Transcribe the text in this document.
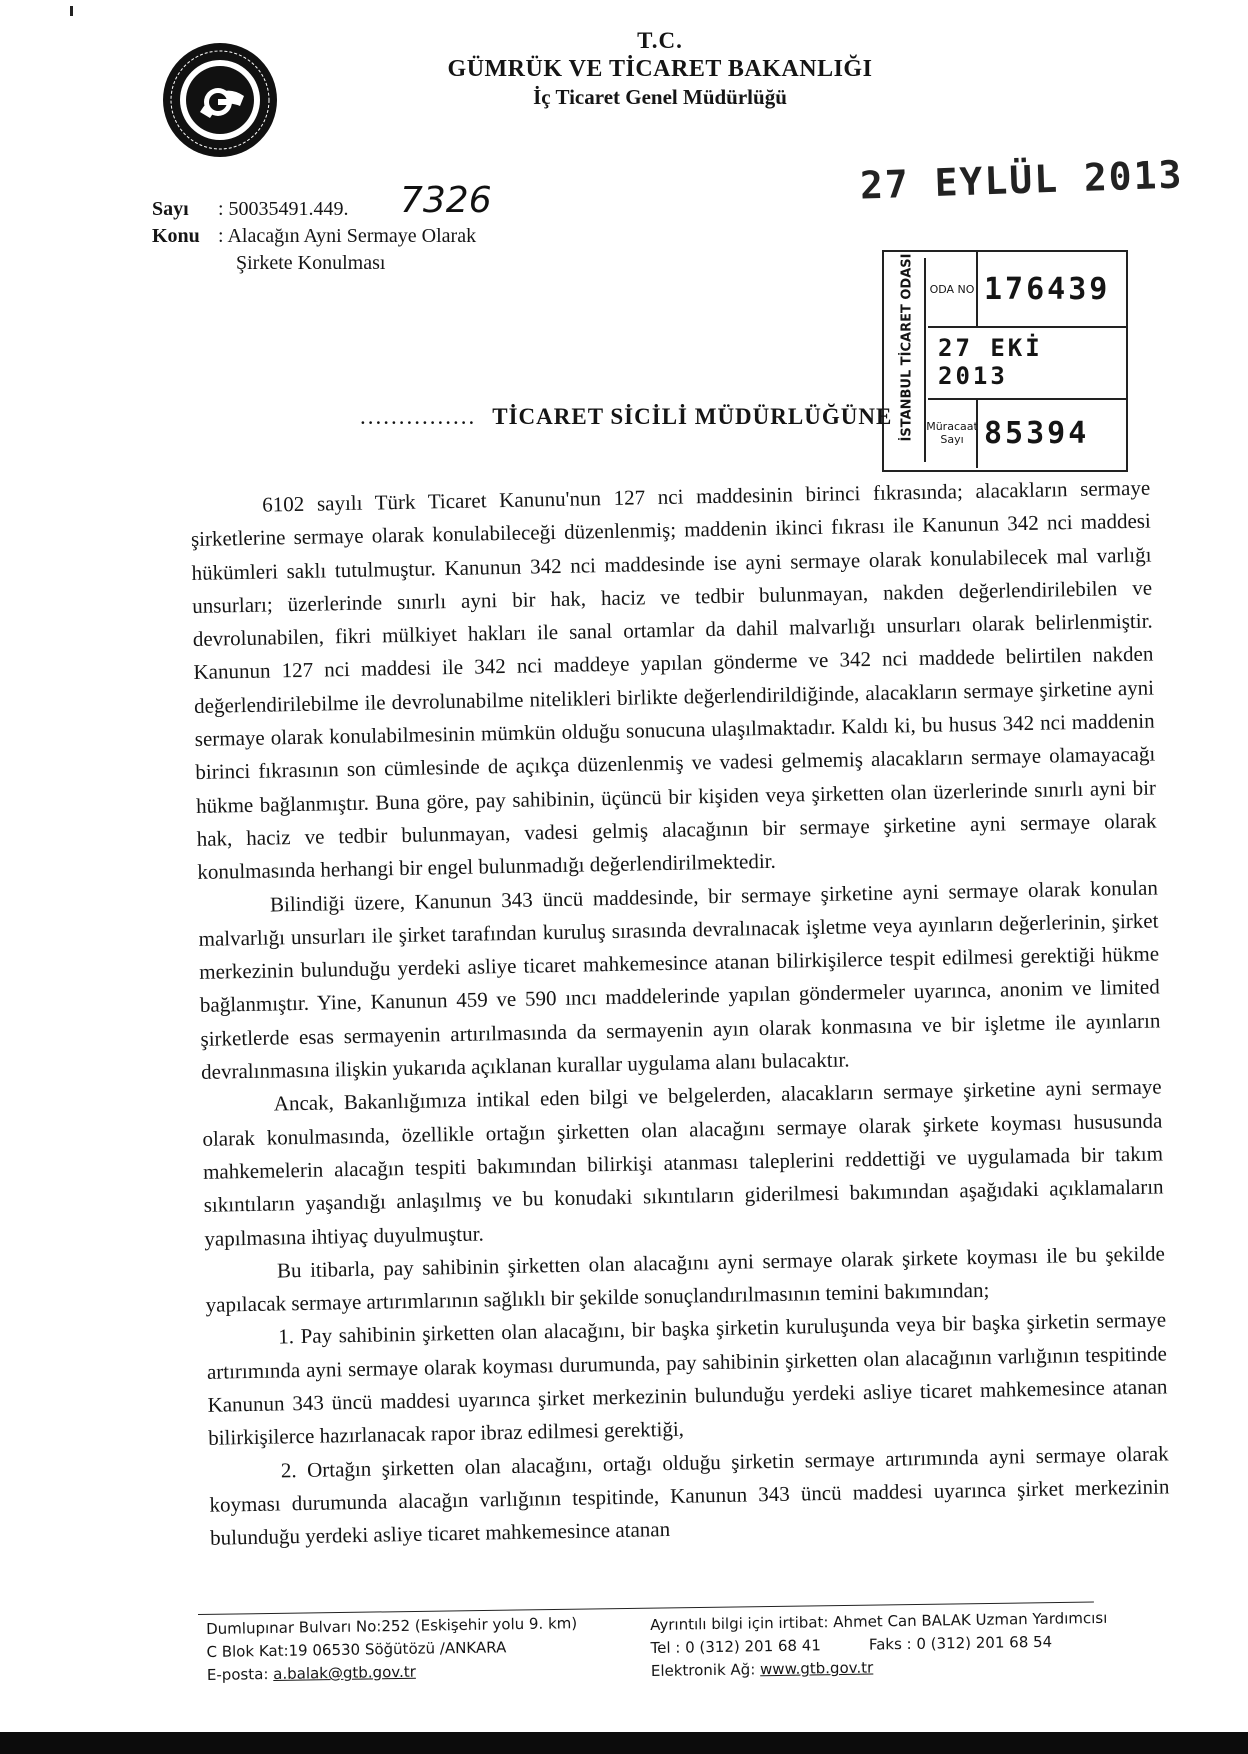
T.C.
GÜMRÜK VE TİCARET BAKANLIĞI
İç Ticaret Genel Müdürlüğü
27 EYLÜL 2013
Sayı : 50035491.449.
Konu : Alacağın Ayni Sermaye Olarak
Şirkete Konulması
7326
İSTANBUL TİCARET ODASI ODA NO 176439
27 EKİ 2013
Müracaat Sayı 85394
............... TİCARET SİCİLİ MÜDÜRLÜĞÜNE

6102 sayılı Türk Ticaret Kanunu'nun 127 nci maddesinin birinci fıkrasında; alacakların sermaye şirketlerine sermaye olarak konulabileceği düzenlenmiş; maddenin ikinci fıkrası ile Kanunun 342 nci maddesi hükümleri saklı tutulmuştur. Kanunun 342 nci maddesinde ise ayni sermaye olarak konulabilecek mal varlığı unsurları; üzerlerinde sınırlı ayni bir hak, haciz ve tedbir bulunmayan, nakden değerlendirilebilen ve devrolunabilen, fikri mülkiyet hakları ile sanal ortamlar da dahil malvarlığı unsurları olarak belirlenmiştir. Kanunun 127 nci maddesi ile 342 nci maddeye yapılan gönderme ve 342 nci maddede belirtilen nakden değerlendirilebilme ile devrolunabilme nitelikleri birlikte değerlendirildiğinde, alacakların sermaye şirketine ayni sermaye olarak konulabilmesinin mümkün olduğu sonucuna ulaşılmaktadır. Kaldı ki, bu husus 342 nci maddenin birinci fıkrasının son cümlesinde de açıkça düzenlenmiş ve vadesi gelmemiş alacakların sermaye olamayacağı hükme bağlanmıştır. Buna göre, pay sahibinin, üçüncü bir kişiden veya şirketten olan üzerlerinde sınırlı ayni bir hak, haciz ve tedbir bulunmayan, vadesi gelmiş alacağının bir sermaye şirketine ayni sermaye olarak konulmasında herhangi bir engel bulunmadığı değerlendirilmektedir.

Bilindiği üzere, Kanunun 343 üncü maddesinde, bir sermaye şirketine ayni sermaye olarak konulan malvarlığı unsurları ile şirket tarafından kuruluş sırasında devralınacak işletme veya ayınların değerlerinin, şirket merkezinin bulunduğu yerdeki asliye ticaret mahkemesince atanan bilirkişilerce tespit edilmesi gerektiği hükme bağlanmıştır. Yine, Kanunun 459 ve 590 ıncı maddelerinde yapılan göndermeler uyarınca, anonim ve limited şirketlerde esas sermayenin artırılmasında da sermayenin ayın olarak konmasına ve bir işletme ile ayınların devralınmasına ilişkin yukarıda açıklanan kurallar uygulama alanı bulacaktır.

Ancak, Bakanlığımıza intikal eden bilgi ve belgelerden, alacakların sermaye şirketine ayni sermaye olarak konulmasında, özellikle ortağın şirketten olan alacağını sermaye olarak şirkete koyması hususunda mahkemelerin alacağın tespiti bakımından bilirkişi atanması taleplerini reddettiği ve uygulamada bir takım sıkıntıların yaşandığı anlaşılmış ve bu konudaki sıkıntıların giderilmesi bakımından aşağıdaki açıklamaların yapılmasına ihtiyaç duyulmuştur.

Bu itibarla, pay sahibinin şirketten olan alacağını ayni sermaye olarak şirkete koyması ile bu şekilde yapılacak sermaye artırımlarının sağlıklı bir şekilde sonuçlandırılmasının temini bakımından;

1. Pay sahibinin şirketten olan alacağını, bir başka şirketin kuruluşunda veya bir başka şirketin sermaye artırımında ayni sermaye olarak koyması durumunda, pay sahibinin şirketten olan alacağının varlığının tespitinde Kanunun 343 üncü maddesi uyarınca şirket merkezinin bulunduğu yerdeki asliye ticaret mahkemesince atanan bilirkişilerce hazırlanacak rapor ibraz edilmesi gerektiği,

2. Ortağın şirketten olan alacağını, ortağı olduğu şirketin sermaye artırımında ayni sermaye olarak koyması durumunda alacağın varlığının tespitinde, Kanunun 343 üncü maddesi uyarınca şirket merkezinin bulunduğu yerdeki asliye ticaret mahkemesince atanan

Dumlupınar Bulvarı No:252 (Eskişehir yolu 9. km)
C Blok Kat:19 06530 Söğütözü /ANKARA
E-posta: a.balak@gtb.gov.tr
Ayrıntılı bilgi için irtibat: Ahmet Can BALAK Uzman Yardımcısı
Tel : 0 (312) 201 68 41	Faks : 0 (312) 201 68 54
Elektronik Ağ: www.gtb.gov.tr
